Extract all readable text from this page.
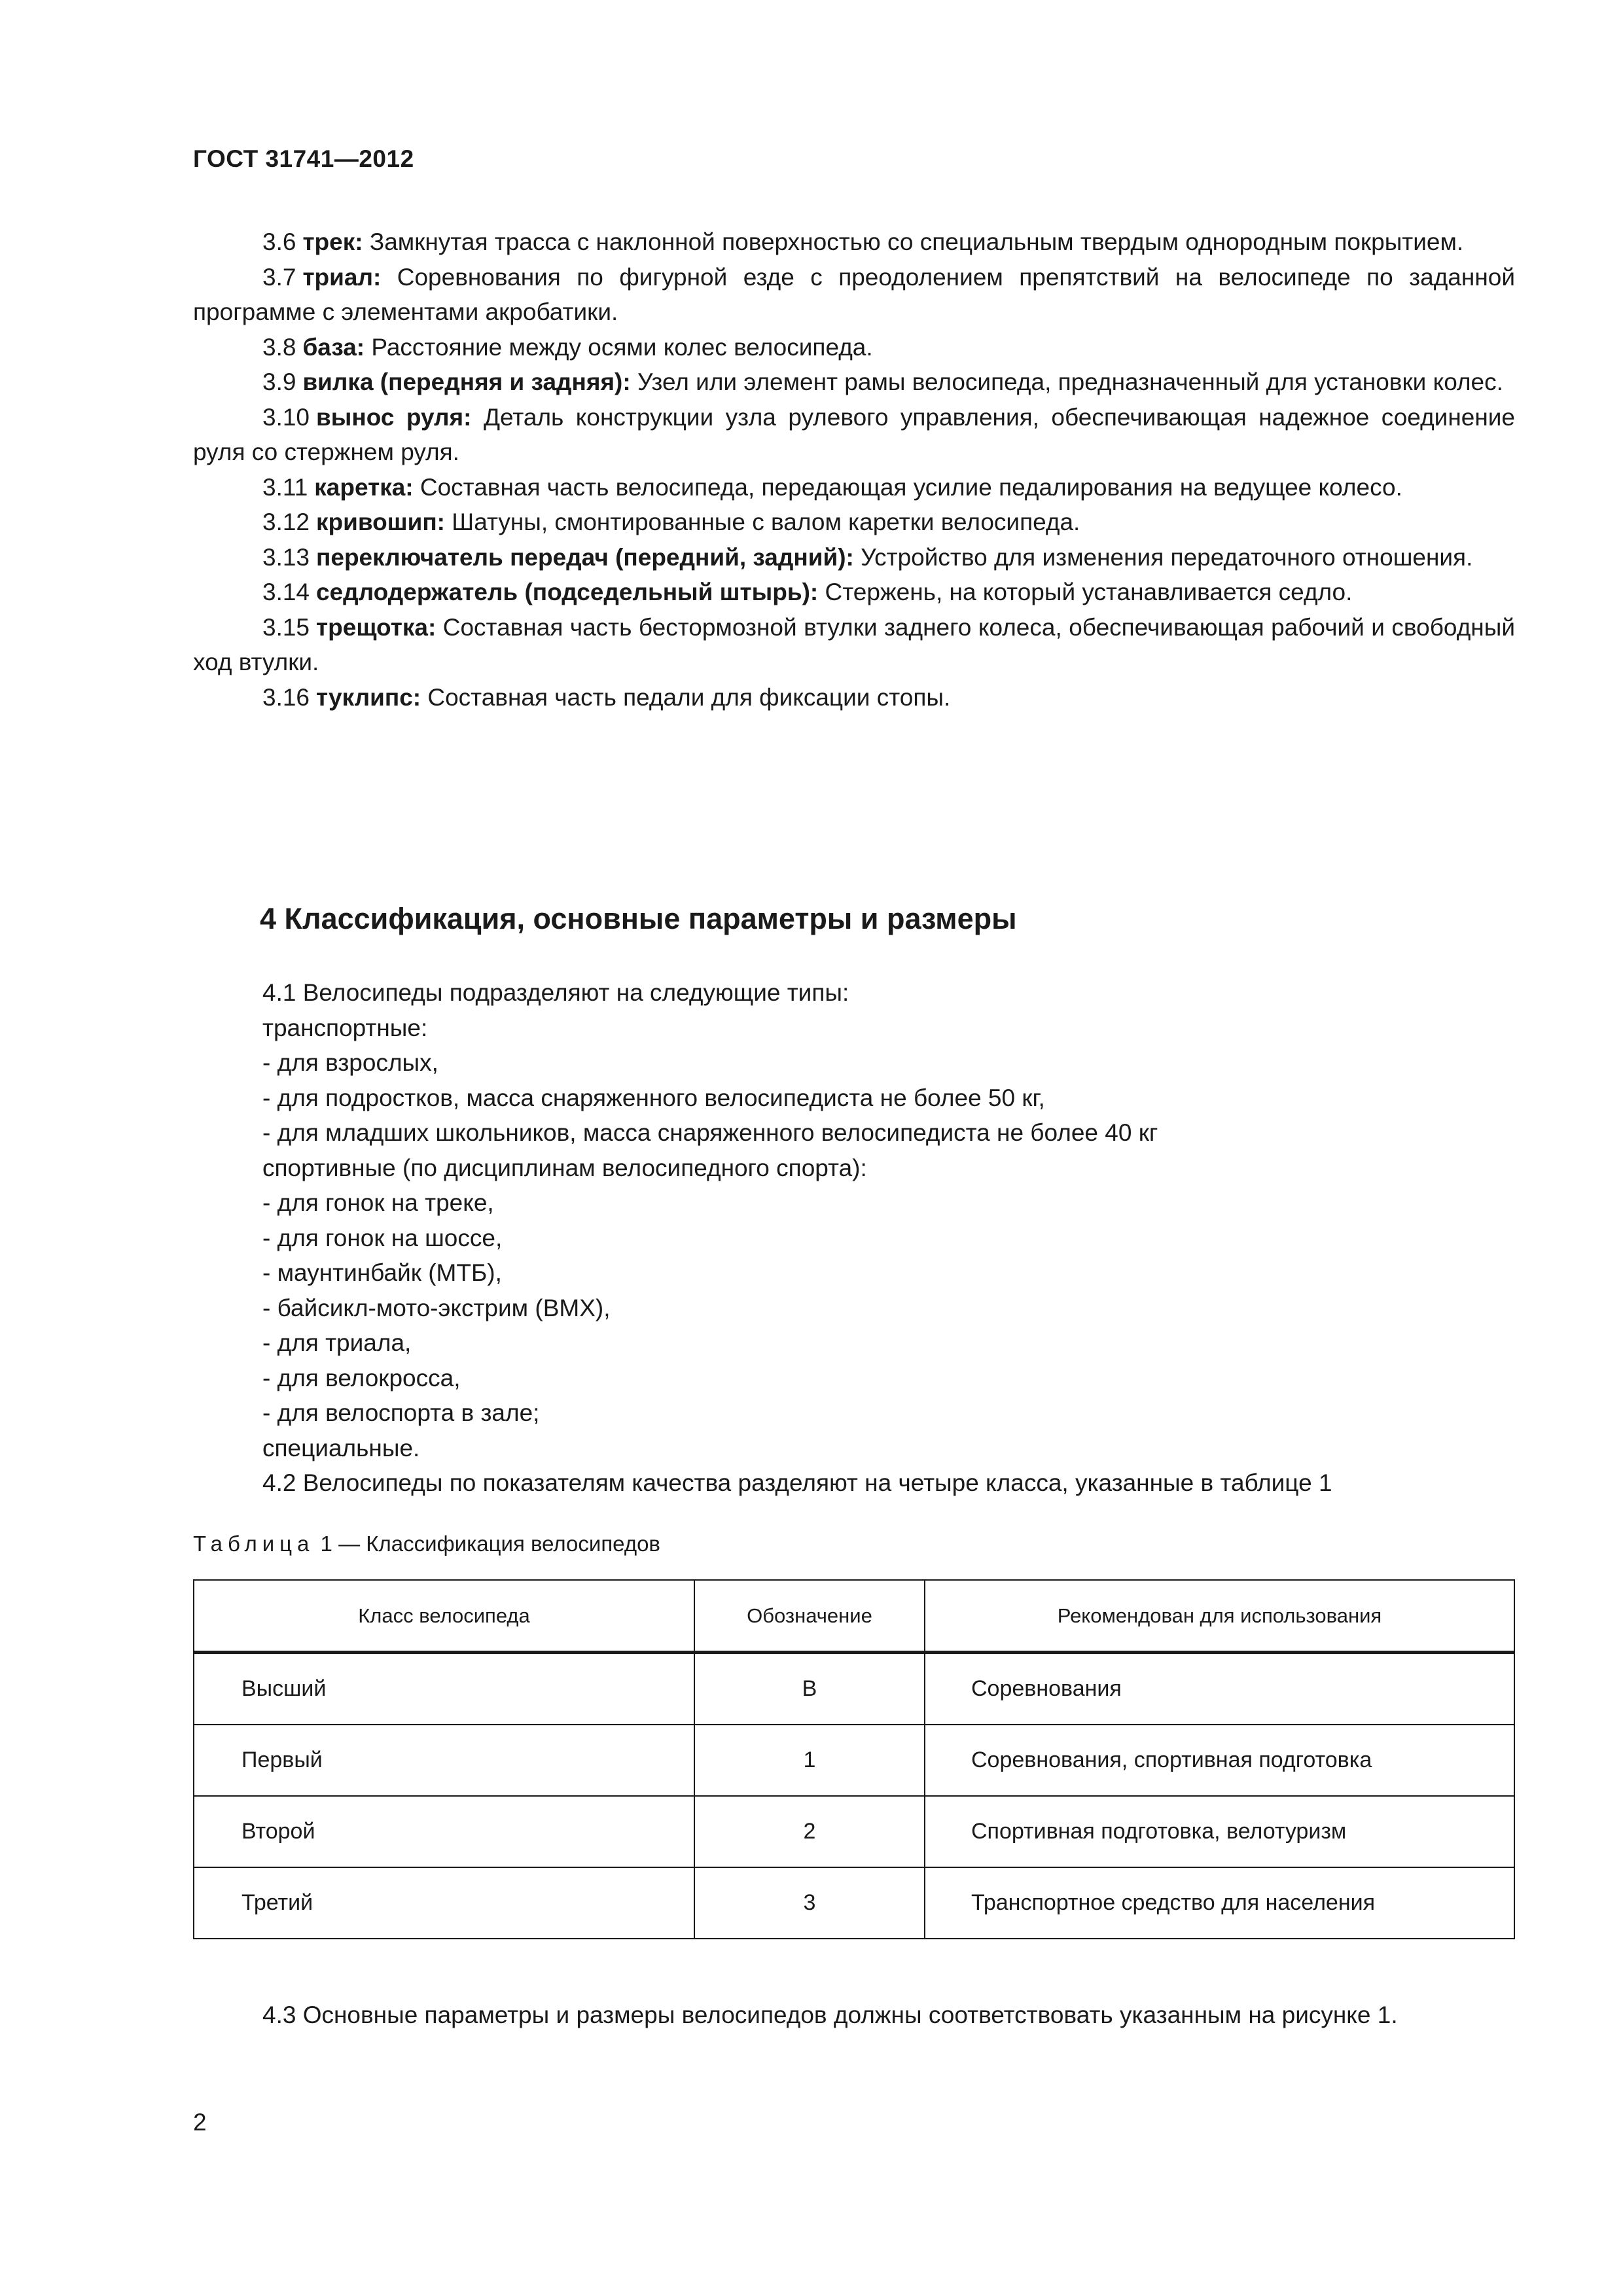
ГОСТ 31741—2012

3.6 трек: Замкнутая трасса с наклонной поверхностью со специальным твердым однородным покрытием.

3.7 триал: Соревнования по фигурной езде с преодолением препятствий на велосипеде по заданной программе с элементами акробатики.

3.8 база: Расстояние между осями колес велосипеда.

3.9 вилка (передняя и задняя): Узел или элемент рамы велосипеда, предназначенный для установки колес.

3.10 вынос руля: Деталь конструкции узла рулевого управления, обеспечивающая надежное соединение руля со стержнем руля.

3.11 каретка: Составная часть велосипеда, передающая усилие педалирования на ведущее колесо.

3.12 кривошип: Шатуны, смонтированные с валом каретки велосипеда.

3.13 переключатель передач (передний, задний): Устройство для изменения передаточного отношения.

3.14 седлодержатель (подседельный штырь): Стержень, на который устанавливается седло.

3.15 трещотка: Составная часть бестормозной втулки заднего колеса, обеспечивающая рабочий и свободный ход втулки.

3.16 туклипс: Составная часть педали для фиксации стопы.

4 Классификация, основные параметры и размеры

4.1 Велосипеды подразделяют на следующие типы:

транспортные:

- для взрослых,

- для подростков, масса снаряженного велосипедиста не более 50 кг,

- для младших школьников, масса снаряженного велосипедиста не более 40 кг

спортивные (по дисциплинам велосипедного спорта):

- для гонок на треке,

- для гонок на шоссе,

- маунтинбайк (МТБ),

- байсикл-мото-экстрим (ВМХ),

- для триала,

- для велокросса,

- для велоспорта в зале;

специальные.

4.2 Велосипеды по показателям качества разделяют на четыре класса, указанные в таблице 1

Таблица 1 — Классификация велосипедов
Класс велосипеда	Обозначение	Рекомендован для использования
Высший	В	Соревнования
Первый	1	Соревнования, спортивная подготовка
Второй	2	Спортивная подготовка, велотуризм
Третий	3	Транспортное средство для населения

4.3 Основные параметры и размеры велосипедов должны соответствовать указанным на рисунке 1.

2
